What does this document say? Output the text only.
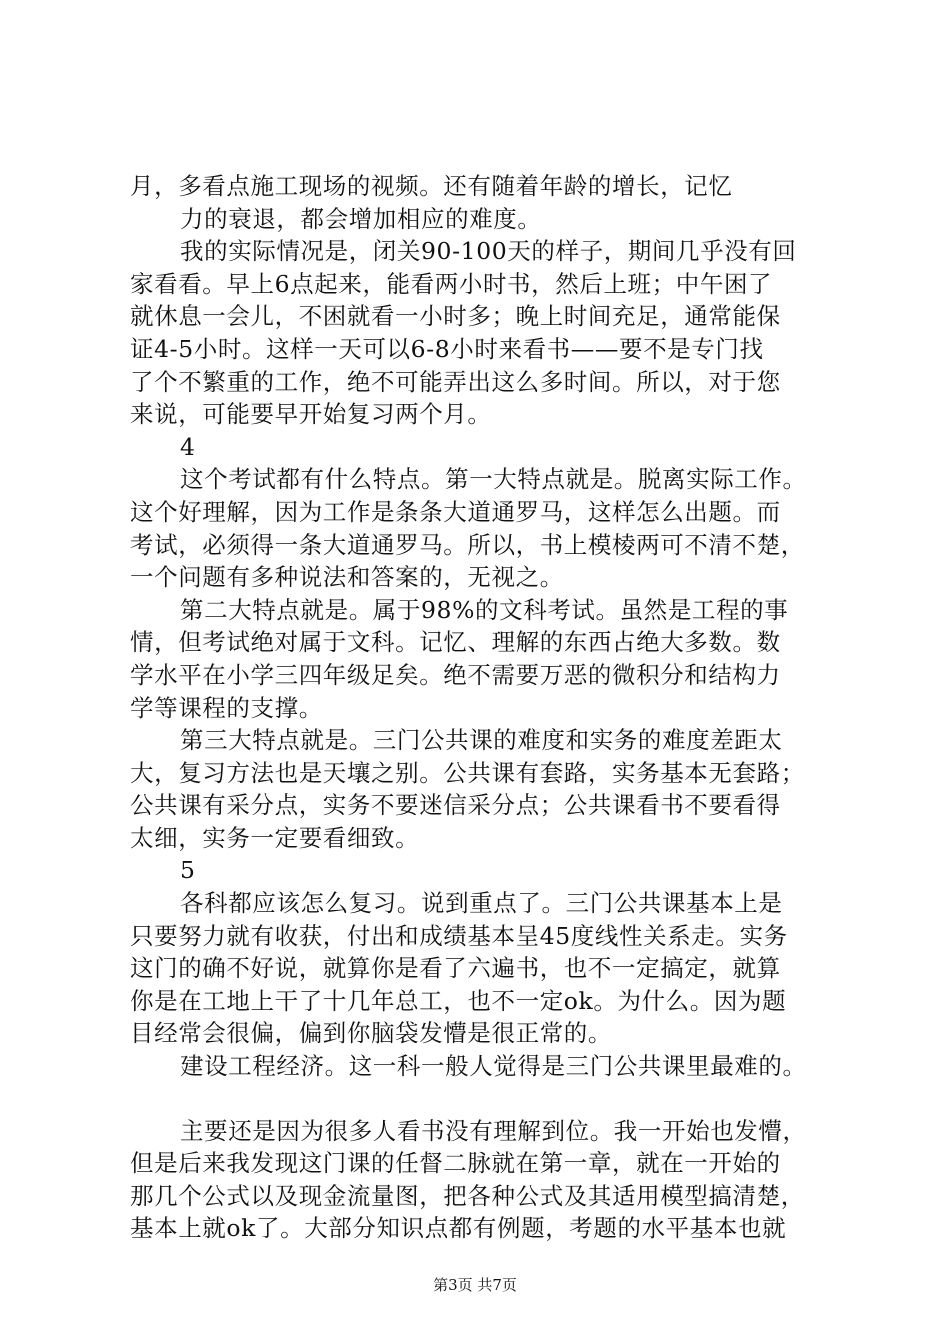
月，多看点施工现场的视频。还有随着年龄的增长，记忆
力的衰退，都会增加相应的难度。
我的实际情况是，闭关90-100天的样子，期间几乎没有回
家看看。早上6点起来，能看两小时书，然后上班；中午困了
就休息一会儿，不困就看一小时多；晚上时间充足，通常能保
证4-5小时。这样一天可以6-8小时来看书——要不是专门找
了个不繁重的工作，绝不可能弄出这么多时间。所以，对于您
来说，可能要早开始复习两个月。
4
这个考试都有什么特点。第一大特点就是。脱离实际工作。
这个好理解，因为工作是条条大道通罗马，这样怎么出题。而
考试，必须得一条大道通罗马。所以，书上模棱两可不清不楚，
一个问题有多种说法和答案的，无视之。
第二大特点就是。属于98%的文科考试。虽然是工程的事
情，但考试绝对属于文科。记忆、理解的东西占绝大多数。数
学水平在小学三四年级足矣。绝不需要万恶的微积分和结构力
学等课程的支撑。
第三大特点就是。三门公共课的难度和实务的难度差距太
大，复习方法也是天壤之别。公共课有套路，实务基本无套路；
公共课有采分点，实务不要迷信采分点；公共课看书不要看得
太细，实务一定要看细致。
5
各科都应该怎么复习。说到重点了。三门公共课基本上是
只要努力就有收获，付出和成绩基本呈45度线性关系走。实务
这门的确不好说，就算你是看了六遍书，也不一定搞定，就算
你是在工地上干了十几年总工，也不一定ok。为什么。因为题
目经常会很偏，偏到你脑袋发懵是很正常的。
建设工程经济。这一科一般人觉得是三门公共课里最难的。
主要还是因为很多人看书没有理解到位。我一开始也发懵，
但是后来我发现这门课的任督二脉就在第一章，就在一开始的
那几个公式以及现金流量图，把各种公式及其适用模型搞清楚，
基本上就ok了。大部分知识点都有例题，考题的水平基本也就
第3页 共7页
